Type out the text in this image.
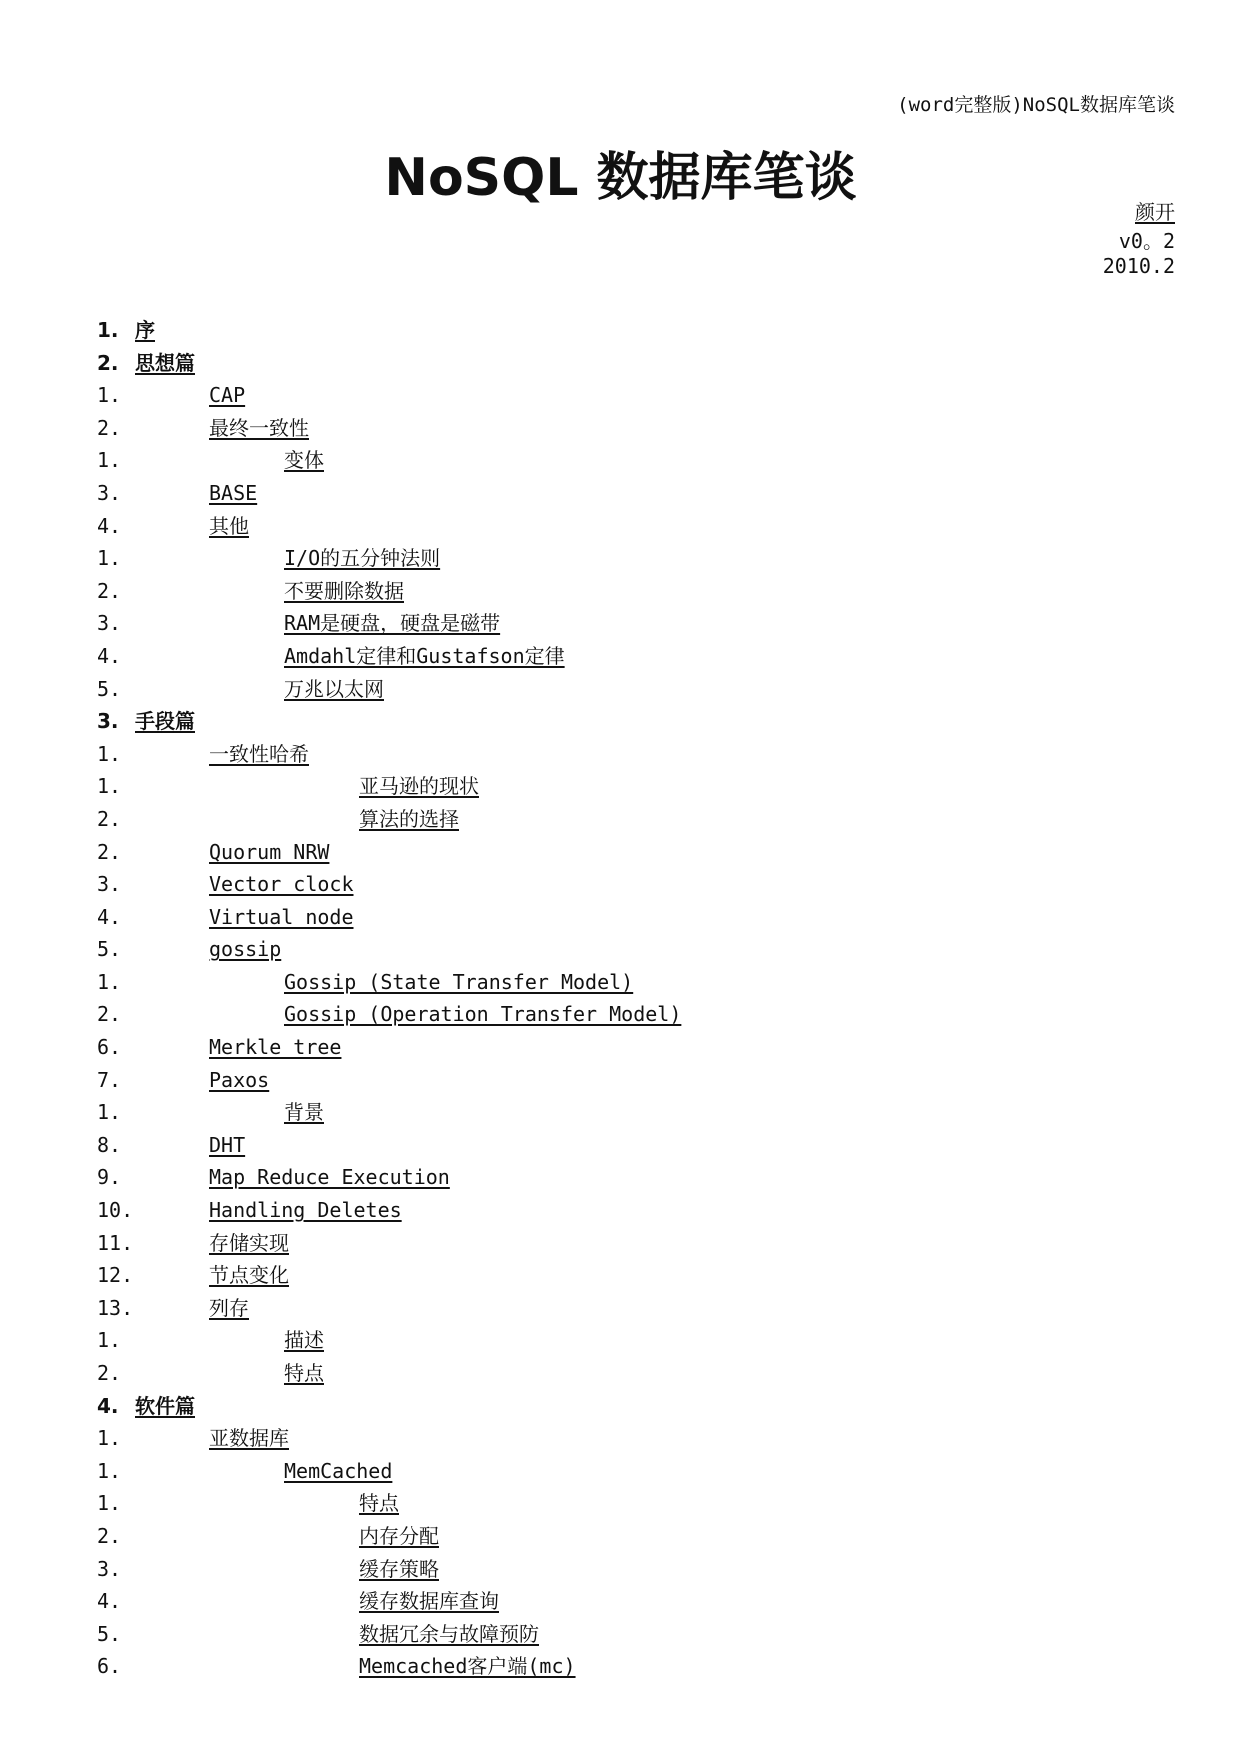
(word完整版)NoSQL数据库笔谈
NoSQL 数据库笔谈
颜开
v0。2
2010.2
1. 序
2. 思想篇
1.	CAP
2.	最终一致性
1.	变体
3.	BASE
4.	其他
1.	I/O的五分钟法则
2.	不要删除数据
3.	RAM是硬盘，硬盘是磁带
4.	Amdahl定律和Gustafson定律
5.	万兆以太网
3. 手段篇
1.	一致性哈希
1.	亚马逊的现状
2.	算法的选择
2.	Quorum NRW
3.	Vector clock
4.	Virtual node
5.	gossip
1.	Gossip (State Transfer Model)
2.	Gossip (Operation Transfer Model)
6.	Merkle tree
7.	Paxos
1.	背景
8.	DHT
9.	Map Reduce Execution
10.	Handling Deletes
11.	存储实现
12.	节点变化
13.	列存
1.	描述
2.	特点
4. 软件篇
1.	亚数据库
1.	MemCached
1.	特点
2.	内存分配
3.	缓存策略
4.	缓存数据库查询
5.	数据冗余与故障预防
6.	Memcached客户端(mc)
